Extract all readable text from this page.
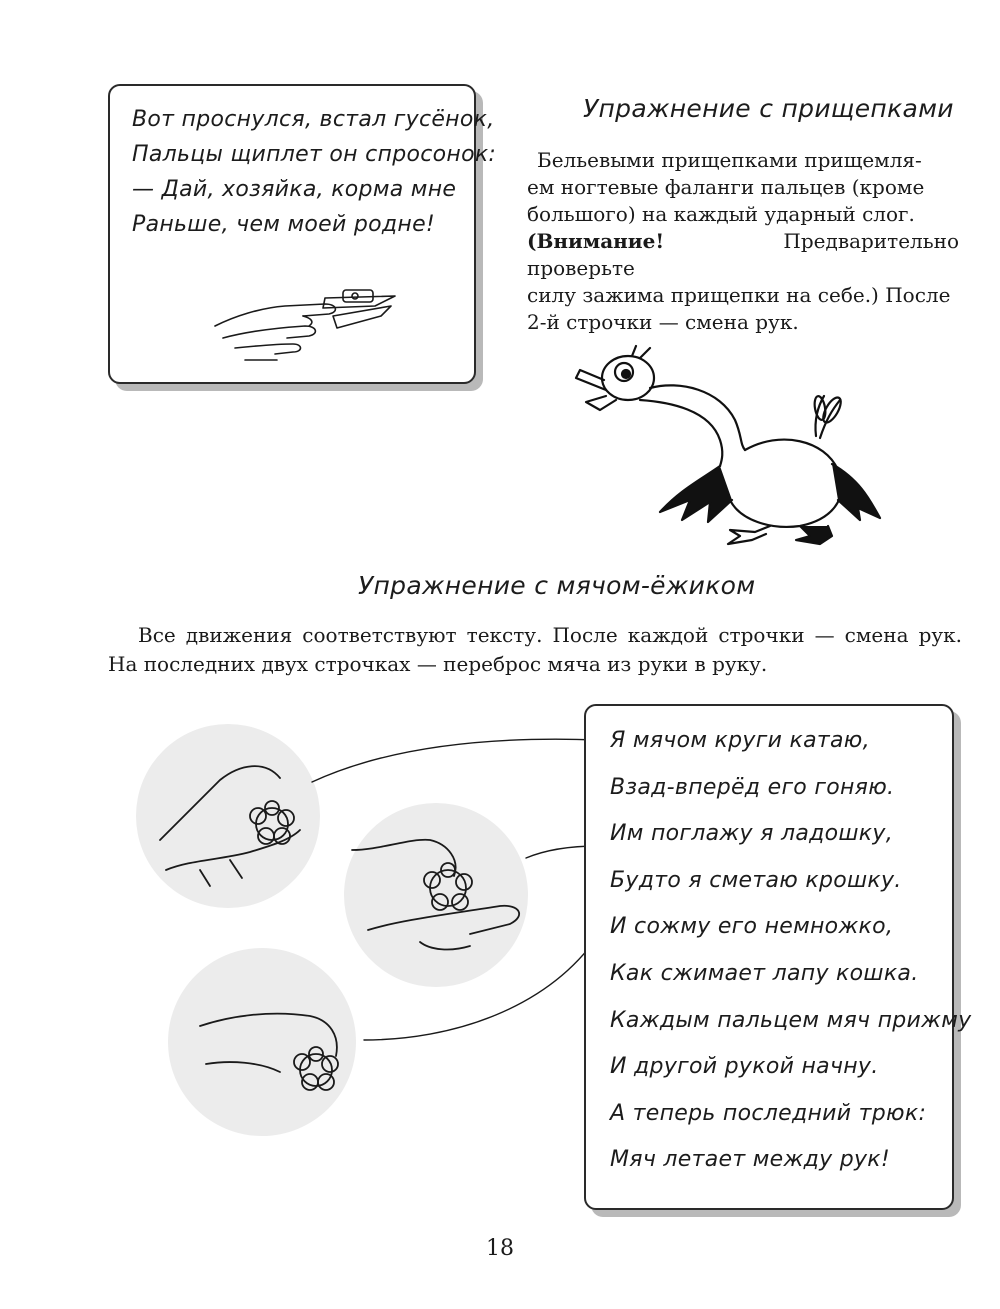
Вот проснулся, встал гусёнок,
Пальцы щиплет он спросонок:
— Дай, хозяйка, корма мне
Раньше, чем моей родне!
Упражнение с прищепками
Бельевыми прищепками прищемля-
ем ногтевые фаланги пальцев (кроме
большого) на каждый ударный слог.
(Внимание! Предварительно проверьте
силу зажима прищепки на себе.) После
2-й строчки — смена рук.
Упражнение с мячом-ёжиком
Все движения соответствуют тексту. После каждой строчки — смена рук. На последних двух строчках — переброс мяча из руки в руку.
Я мячом круги катаю,
Взад-вперёд его гоняю.
Им поглажу я ладошку,
Будто я сметаю крошку.
И сожму его немножко,
Как сжимает лапу кошка.
Каждым пальцем мяч прижму
И другой рукой начну.
А теперь последний трюк:
Мяч летает между рук!
18
